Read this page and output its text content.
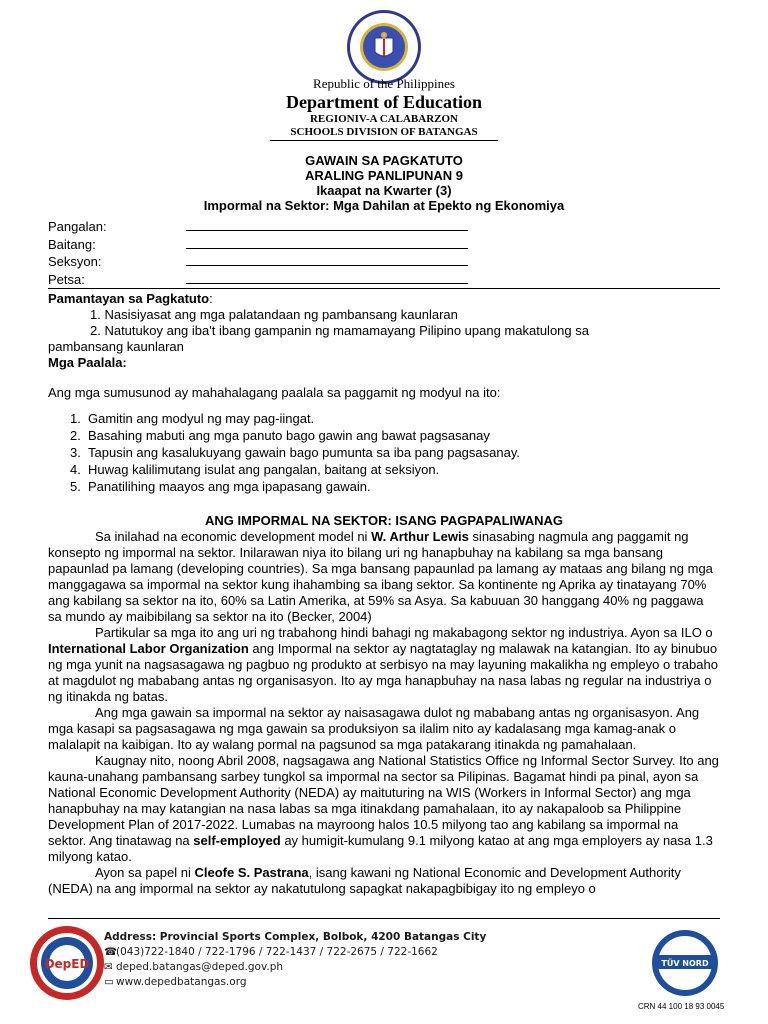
Republic of the Philippines
Department of Education
REGIONIV-A CALABARZON
SCHOOLS DIVISION OF BATANGAS
GAWAIN SA PAGKATUTO
ARALING PANLIPUNAN 9
Ikaapat na Kwarter (3)
Impormal na Sektor: Mga Dahilan at Epekto ng Ekonomiya
Pangalan:
Baitang:
Seksyon:
Petsa:
Pamantayan sa Pagkatuto:
1. Nasisiyasat ang mga palatandaan ng pambansang kaunlaran
2. Natutukoy ang iba't ibang gampanin ng mamamayang Pilipino upang makatulong sa
pambansang kaunlaran
Mga Paalala:
Ang mga sumusunod ay mahahalagang paalala sa paggamit ng modyul na ito:
1. Gamitin ang modyul ng may pag-iingat.
2. Basahing mabuti ang mga panuto bago gawin ang bawat pagsasanay
3. Tapusin ang kasalukuyang gawain bago pumunta sa iba pang pagsasanay.
4. Huwag kalilimutang isulat ang pangalan, baitang at seksiyon.
5. Panatilihing maayos ang mga ipapasang gawain.
ANG IMPORMAL NA SEKTOR: ISANG PAGPAPALIWANAG

Sa inilahad na economic development model ni W. Arthur Lewis sinasabing nagmula ang paggamit ng konsepto ng impormal na sektor. Inilarawan niya ito bilang uri ng hanapbuhay na kabilang sa mga bansang papaunlad pa lamang (developing countries). Sa mga bansang papaunlad pa lamang ay mataas ang bilang ng mga manggagawa sa impormal na sektor kung ihahambing sa ibang sektor. Sa kontinente ng Aprika ay tinatayang 70% ang kabilang sa sektor na ito, 60% sa Latin Amerika, at 59% sa Asya. Sa kabuuan 30 hanggang 40% ng paggawa sa mundo ay maibibilang sa sektor na ito (Becker, 2004)

Partikular sa mga ito ang uri ng trabahong hindi bahagi ng makabagong sektor ng industriya. Ayon sa ILO o International Labor Organization ang Impormal na sektor ay nagtataglay ng malawak na katangian. Ito ay binubuo ng mga yunit na nagsasagawa ng pagbuo ng produkto at serbisyo na may layuning makalikha ng empleyo o trabaho at magdulot ng mababang antas ng organisasyon. Ito ay mga hanapbuhay na nasa labas ng regular na industriya o ng itinakda ng batas.

Ang mga gawain sa impormal na sektor ay naisasagawa dulot ng mababang antas ng organisasyon. Ang mga kasapi sa pagsasagawa ng mga gawain sa produksiyon sa ilalim nito ay kadalasang mga kamag-anak o malalapit na kaibigan. Ito ay walang pormal na pagsunod sa mga patakarang itinakda ng pamahalaan.

Kaugnay nito, noong Abril 2008, nagsagawa ang National Statistics Office ng Informal Sector Survey. Ito ang kauna-unahang pambansang sarbey tungkol sa impormal na sector sa Pilipinas. Bagamat hindi pa pinal, ayon sa National Economic Development Authority (NEDA) ay maituturing na WIS (Workers in Informal Sector) ang mga hanapbuhay na may katangian na nasa labas sa mga itinakdang pamahalaan, ito ay nakapaloob sa Philippine Development Plan of 2017-2022. Lumabas na mayroong halos 10.5 milyong tao ang kabilang sa impormal na sektor. Ang tinatawag na self-employed ay humigit-kumulang 9.1 milyong katao at ang mga employers ay nasa 1.3 milyong katao.

Ayon sa papel ni Cleofe S. Pastrana, isang kawani ng National Economic and Development Authority (NEDA) na ang impormal na sektor ay nakatutulong sapagkat nakapagbibigay ito ng empleyo o

DepED
Address: Provincial Sports Complex, Bolbok, 4200 Batangas City
☎(043)722-1840 / 722-1796 / 722-1437 / 722-2675 / 722-1662
✉ deped.batangas@deped.gov.ph
▭ www.depedbatangas.org
TÜV NORD
ISO 9001
CRN 44 100 18 93 0045
